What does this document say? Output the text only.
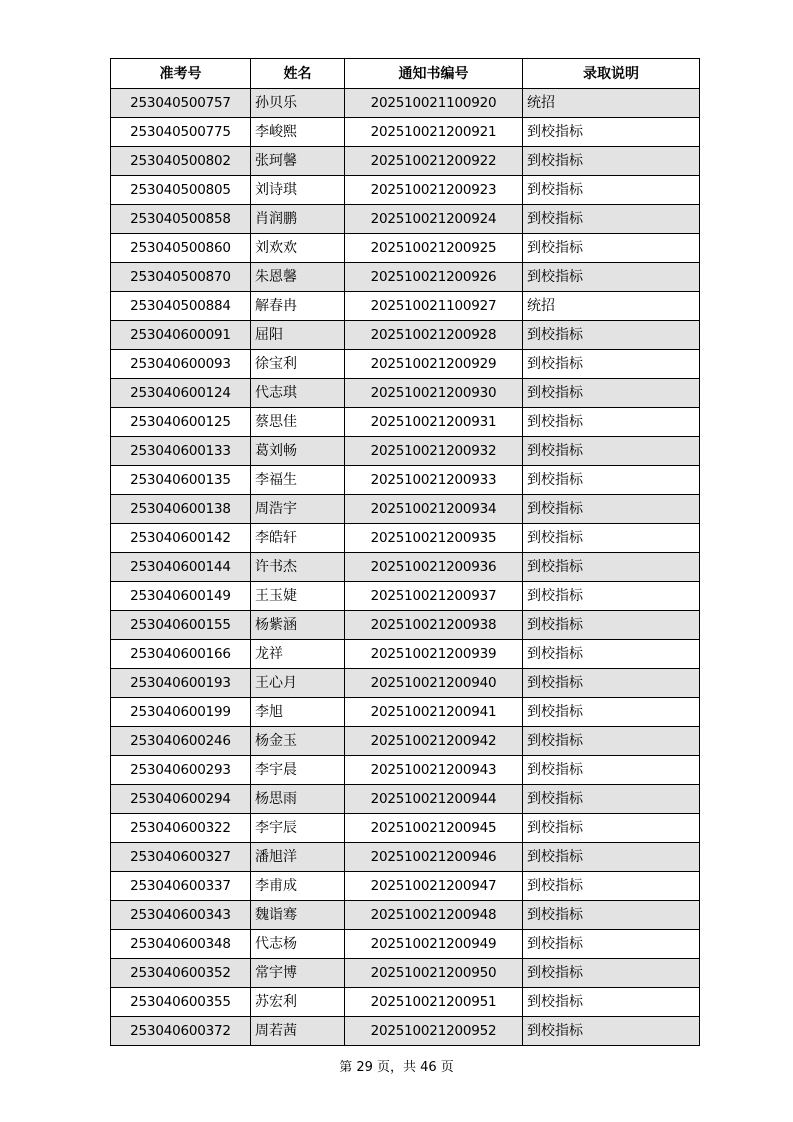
准考号	姓名	通知书编号	录取说明
253040500757	孙贝乐	202510021100920	统招
253040500775	李峻熙	202510021200921	到校指标
253040500802	张珂馨	202510021200922	到校指标
253040500805	刘诗琪	202510021200923	到校指标
253040500858	肖润鹏	202510021200924	到校指标
253040500860	刘欢欢	202510021200925	到校指标
253040500870	朱恩馨	202510021200926	到校指标
253040500884	解春冉	202510021100927	统招
253040600091	屈阳	202510021200928	到校指标
253040600093	徐宝利	202510021200929	到校指标
253040600124	代志琪	202510021200930	到校指标
253040600125	蔡思佳	202510021200931	到校指标
253040600133	葛刘畅	202510021200932	到校指标
253040600135	李福生	202510021200933	到校指标
253040600138	周浩宇	202510021200934	到校指标
253040600142	李皓轩	202510021200935	到校指标
253040600144	许书杰	202510021200936	到校指标
253040600149	王玉婕	202510021200937	到校指标
253040600155	杨紫涵	202510021200938	到校指标
253040600166	龙祥	202510021200939	到校指标
253040600193	王心月	202510021200940	到校指标
253040600199	李旭	202510021200941	到校指标
253040600246	杨金玉	202510021200942	到校指标
253040600293	李宇晨	202510021200943	到校指标
253040600294	杨思雨	202510021200944	到校指标
253040600322	李宇辰	202510021200945	到校指标
253040600327	潘旭洋	202510021200946	到校指标
253040600337	李甫成	202510021200947	到校指标
253040600343	魏诣骞	202510021200948	到校指标
253040600348	代志杨	202510021200949	到校指标
253040600352	常宇博	202510021200950	到校指标
253040600355	苏宏利	202510021200951	到校指标
253040600372	周若茜	202510021200952	到校指标
第 29 页，共 46 页
